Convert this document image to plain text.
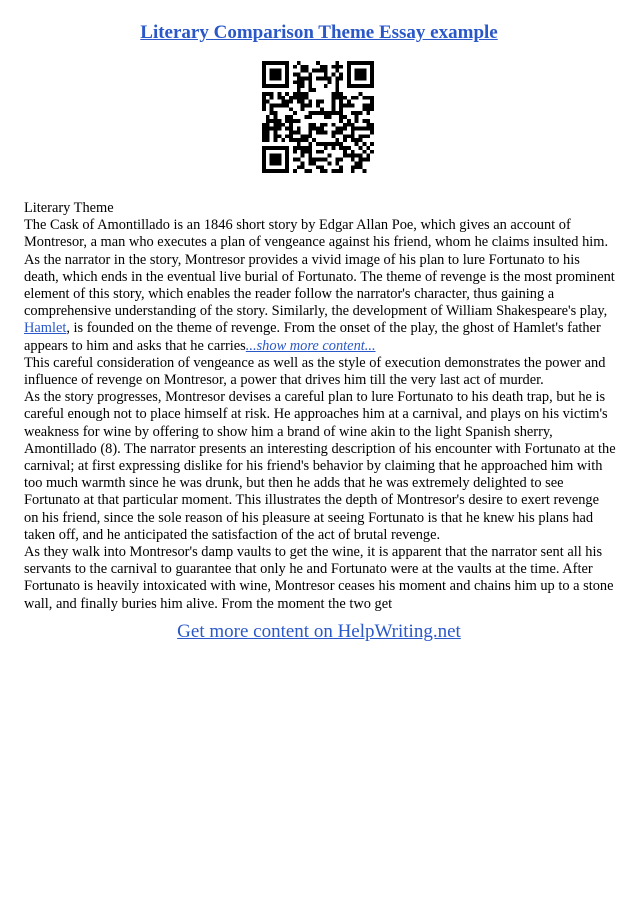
Literary Comparison Theme Essay example

Literary Theme

The Cask of Amontillado is an 1846 short story by Edgar Allan Poe, which gives an account of Montresor, a man who executes a plan of vengeance against his friend, whom he claims insulted him. As the narrator in the story, Montresor provides a vivid image of his plan to lure Fortunato to his death, which ends in the eventual live burial of Fortunato. The theme of revenge is the most prominent element of this story, which enables the reader follow the narrator's character, thus gaining a comprehensive understanding of the story. Similarly, the development of William Shakespeare's play, Hamlet, is founded on the theme of revenge. From the onset of the play, the ghost of Hamlet's father appears to him and asks that he carries...show more content...

This careful consideration of vengeance as well as the style of execution demonstrates the power and influence of revenge on Montresor, a power that drives him till the very last act of murder.

As the story progresses, Montresor devises a careful plan to lure Fortunato to his death trap, but he is careful enough not to place himself at risk. He approaches him at a carnival, and plays on his victim's weakness for wine by offering to show him a brand of wine akin to the light Spanish sherry, Amontillado (8). The narrator presents an interesting description of his encounter with Fortunato at the carnival; at first expressing dislike for his friend's behavior by claiming that he approached him with too much warmth since he was drunk, but then he adds that he was extremely delighted to see Fortunato at that particular moment. This illustrates the depth of Montresor's desire to exert revenge on his friend, since the sole reason of his pleasure at seeing Fortunato is that he knew his plans had taken off, and he anticipated the satisfaction of the act of brutal revenge.

As they walk into Montresor's damp vaults to get the wine, it is apparent that the narrator sent all his servants to the carnival to guarantee that only he and Fortunato were at the vaults at the time. After Fortunato is heavily intoxicated with wine, Montresor ceases his moment and chains him up to a stone wall, and finally buries him alive. From the moment the two get

Get more content on HelpWriting.net
